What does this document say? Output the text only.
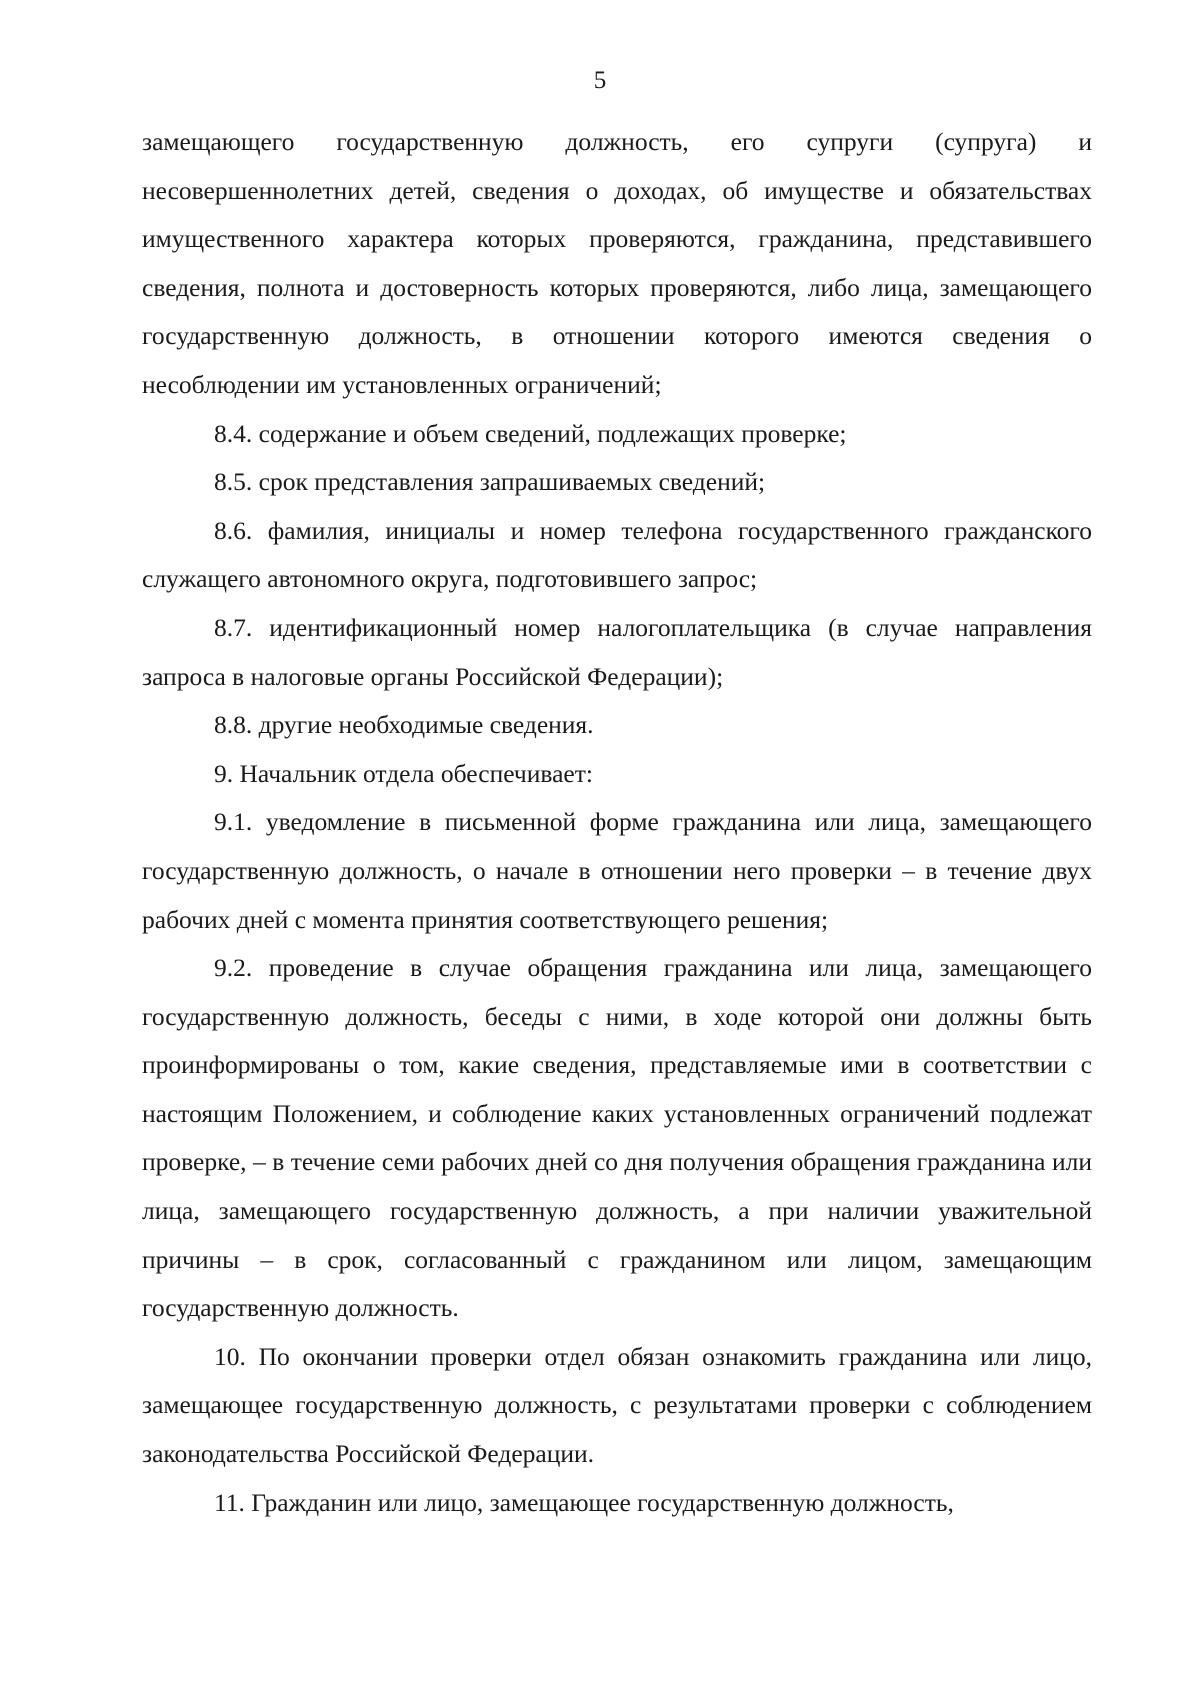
5

замещающего государственную должность, его супруги (супруга) и несовершеннолетних детей, сведения о доходах, об имуществе и обязательствах имущественного характера которых проверяются, гражданина, представившего сведения, полнота и достоверность которых проверяются, либо лица, замещающего государственную должность, в отношении которого имеются сведения о несоблюдении им установленных ограничений;

8.4. содержание и объем сведений, подлежащих проверке;

8.5. срок представления запрашиваемых сведений;

8.6. фамилия, инициалы и номер телефона государственного гражданского служащего автономного округа, подготовившего запрос;

8.7. идентификационный номер налогоплательщика (в случае направления запроса в налоговые органы Российской Федерации);

8.8. другие необходимые сведения.

9. Начальник отдела обеспечивает:

9.1. уведомление в письменной форме гражданина или лица, замещающего государственную должность, о начале в отношении него проверки – в течение двух рабочих дней с момента принятия соответствующего решения;

9.2. проведение в случае обращения гражданина или лица, замещающего государственную должность, беседы с ними, в ходе которой они должны быть проинформированы о том, какие сведения, представляемые ими в соответствии с настоящим Положением, и соблюдение каких установленных ограничений подлежат проверке, – в течение семи рабочих дней со дня получения обращения гражданина или лица, замещающего государственную должность, а при наличии уважительной причины – в срок, согласованный с гражданином или лицом, замещающим государственную должность.

10. По окончании проверки отдел обязан ознакомить гражданина или лицо, замещающее государственную должность, с результатами проверки с соблюдением законодательства Российской Федерации.

11. Гражданин или лицо, замещающее государственную должность,
